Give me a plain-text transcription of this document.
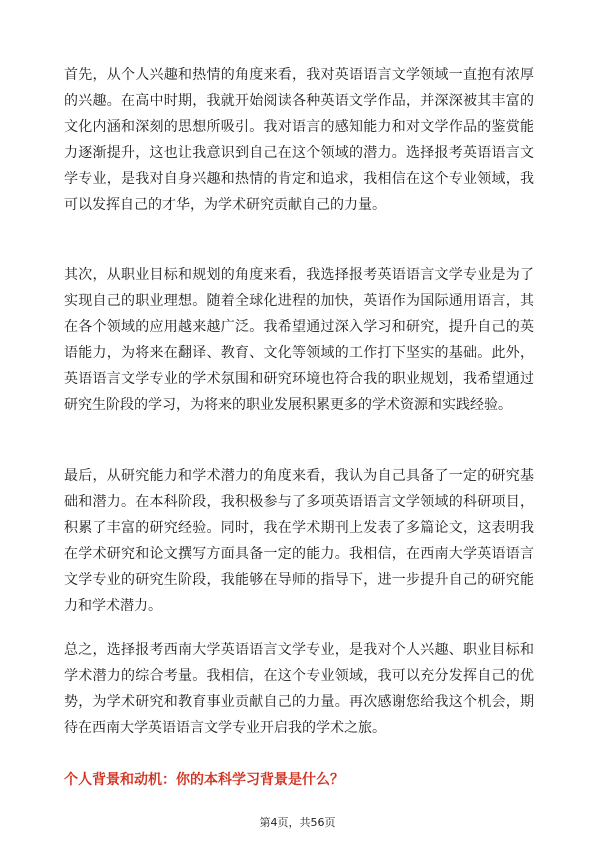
首先，从个人兴趣和热情的角度来看，我对英语语言文学领域一直抱有浓厚的兴趣。在高中时期，我就开始阅读各种英语文学作品，并深深被其丰富的文化内涵和深刻的思想所吸引。我对语言的感知能力和对文学作品的鉴赏能力逐渐提升，这也让我意识到自己在这个领域的潜力。选择报考英语语言文学专业，是我对自身兴趣和热情的肯定和追求，我相信在这个专业领域，我可以发挥自己的才华，为学术研究贡献自己的力量。

其次，从职业目标和规划的角度来看，我选择报考英语语言文学专业是为了实现自己的职业理想。随着全球化进程的加快，英语作为国际通用语言，其在各个领域的应用越来越广泛。我希望通过深入学习和研究，提升自己的英语能力，为将来在翻译、教育、文化等领域的工作打下坚实的基础。此外，英语语言文学专业的学术氛围和研究环境也符合我的职业规划，我希望通过研究生阶段的学习，为将来的职业发展积累更多的学术资源和实践经验。

最后，从研究能力和学术潜力的角度来看，我认为自己具备了一定的研究基础和潜力。在本科阶段，我积极参与了多项英语语言文学领域的科研项目，积累了丰富的研究经验。同时，我在学术期刊上发表了多篇论文，这表明我在学术研究和论文撰写方面具备一定的能力。我相信，在西南大学英语语言文学专业的研究生阶段，我能够在导师的指导下，进一步提升自己的研究能力和学术潜力。

总之，选择报考西南大学英语语言文学专业，是我对个人兴趣、职业目标和学术潜力的综合考量。我相信，在这个专业领域，我可以充分发挥自己的优势，为学术研究和教育事业贡献自己的力量。再次感谢您给我这个机会，期待在西南大学英语语言文学专业开启我的学术之旅。

个人背景和动机：你的本科学习背景是什么？
第4页，共56页
